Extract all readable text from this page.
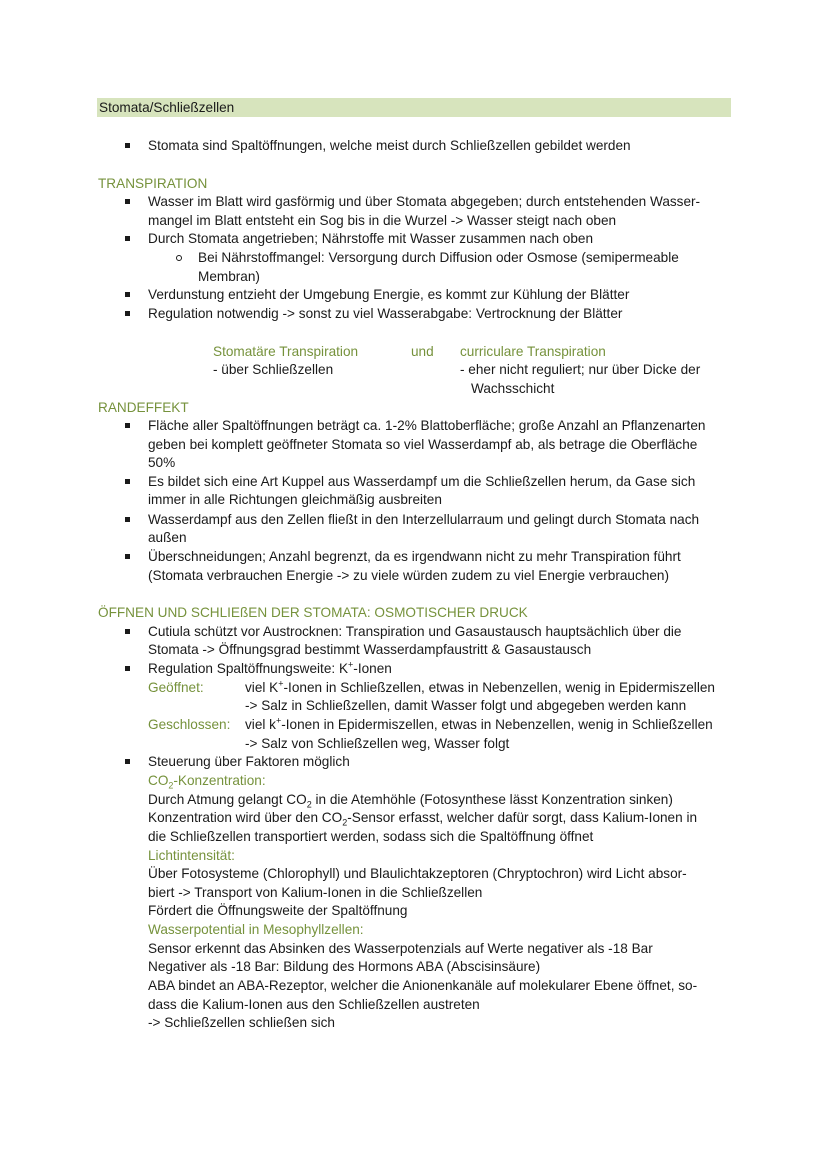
Stomata/Schließzellen
Stomata sind Spaltöffnungen, welche meist durch Schließzellen gebildet werden
TRANSPIRATION
Wasser im Blatt wird gasförmig und über Stomata abgegeben; durch entstehenden Wasser-
mangel im Blatt entsteht ein Sog bis in die Wurzel -> Wasser steigt nach oben
Durch Stomata angetrieben; Nährstoffe mit Wasser zusammen nach oben
Bei Nährstoffmangel: Versorgung durch Diffusion oder Osmose (semipermeable
Membran)
Verdunstung entzieht der Umgebung Energie, es kommt zur Kühlung der Blätter
Regulation notwendig -> sonst zu viel Wasserabgabe: Vertrocknung der Blätter
Stomatäre Transpiration	und curriculare Transpiration
- über Schließzellen	- eher nicht reguliert; nur über Dicke der
Wachsschicht
RANDEFFEKT
Fläche aller Spaltöffnungen beträgt ca. 1-2% Blattoberfläche; große Anzahl an Pflanzenarten
geben bei komplett geöffneter Stomata so viel Wasserdampf ab, als betrage die Oberfläche
50%
Es bildet sich eine Art Kuppel aus Wasserdampf um die Schließzellen herum, da Gase sich
immer in alle Richtungen gleichmäßig ausbreiten
Wasserdampf aus den Zellen fließt in den Interzellularraum und gelingt durch Stomata nach
außen
Überschneidungen; Anzahl begrenzt, da es irgendwann nicht zu mehr Transpiration führt
(Stomata verbrauchen Energie -> zu viele würden zudem zu viel Energie verbrauchen)
ÖFFNEN UND SCHLIEßEN DER STOMATA: OSMOTISCHER DRUCK
Cutiula schützt vor Austrocknen: Transpiration und Gasaustausch hauptsächlich über die
Stomata -> Öffnungsgrad bestimmt Wasserdampfaustritt & Gasaustausch
Regulation Spaltöffnungsweite: K+-Ionen
Geöffnet:	viel K+-Ionen in Schließzellen, etwas in Nebenzellen, wenig in Epidermiszellen
-> Salz in Schließzellen, damit Wasser folgt und abgegeben werden kann
Geschlossen: viel k+-Ionen in Epidermiszellen, etwas in Nebenzellen, wenig in Schließzellen
-> Salz von Schließzellen weg, Wasser folgt
Steuerung über Faktoren möglich
$CO_2$-Konzentration:
Durch Atmung gelangt $CO_2$ in die Atemhöhle (Fotosynthese lässt Konzentration sinken)
Konzentration wird über den $CO_2$-Sensor erfasst, welcher dafür sorgt, dass Kalium-Ionen in
die Schließzellen transportiert werden, sodass sich die Spaltöffnung öffnet
Lichtintensität:
Über Fotosysteme (Chlorophyll) und Blaulichtakzeptoren (Chryptochron) wird Licht absor-
biert -> Transport von Kalium-Ionen in die Schließzellen
Fördert die Öffnungsweite der Spaltöffnung
Wasserpotential in Mesophyllzellen:
Sensor erkennt das Absinken des Wasserpotenzials auf Werte negativer als -18 Bar
Negativer als -18 Bar: Bildung des Hormons ABA (Abscisinsäure)
ABA bindet an ABA-Rezeptor, welcher die Anionenkanäle auf molekularer Ebene öffnet, so-
dass die Kalium-Ionen aus den Schließzellen austreten
-> Schließzellen schließen sich
